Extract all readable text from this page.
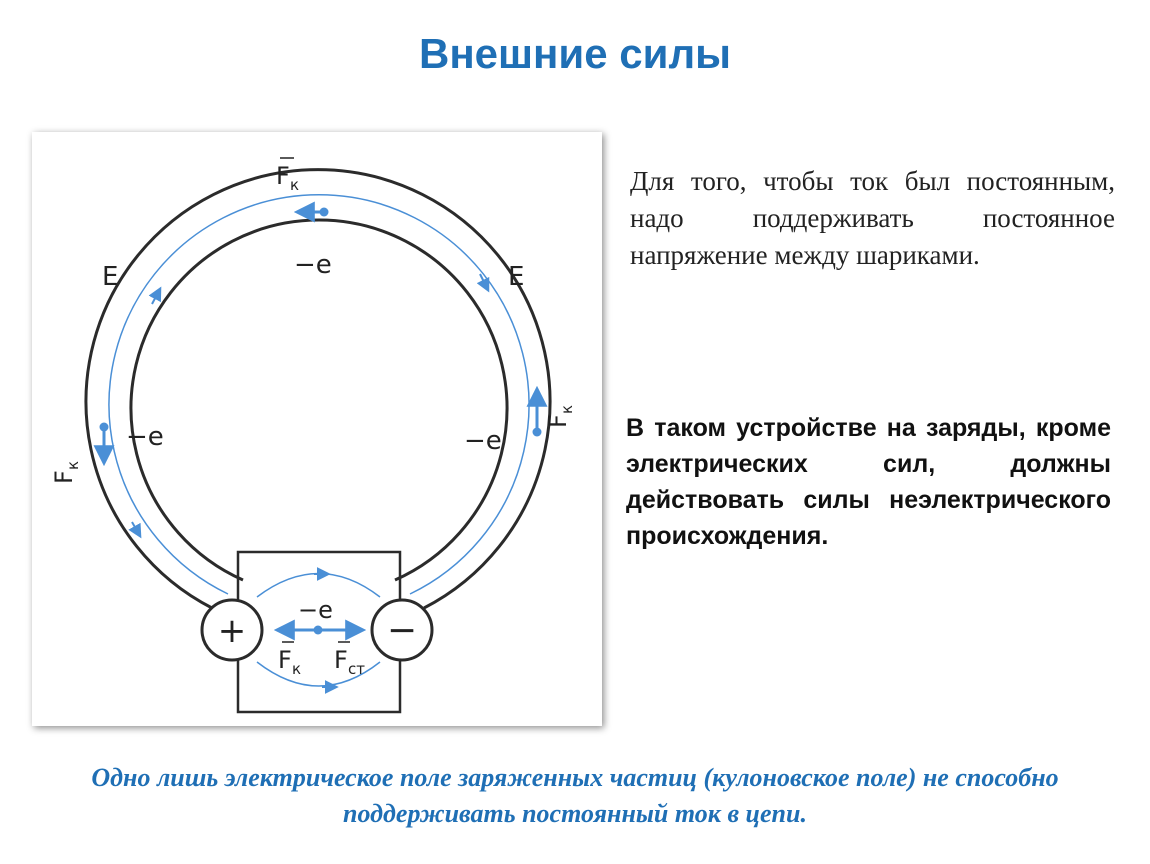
Внешние силы
+	−
E	E
−e
−e	−e
−e
F к
F
к
F
к
F к F ст
Для того, чтобы ток был постоянным, надо поддерживать постоянное напряжение между шариками.
В таком устройстве на заряды, кроме электрических сил, должны действовать силы неэлектрического происхождения.
Одно лишь электрическое поле заряженных частиц (кулоновское поле) не способно поддерживать постоянный ток в цепи.
